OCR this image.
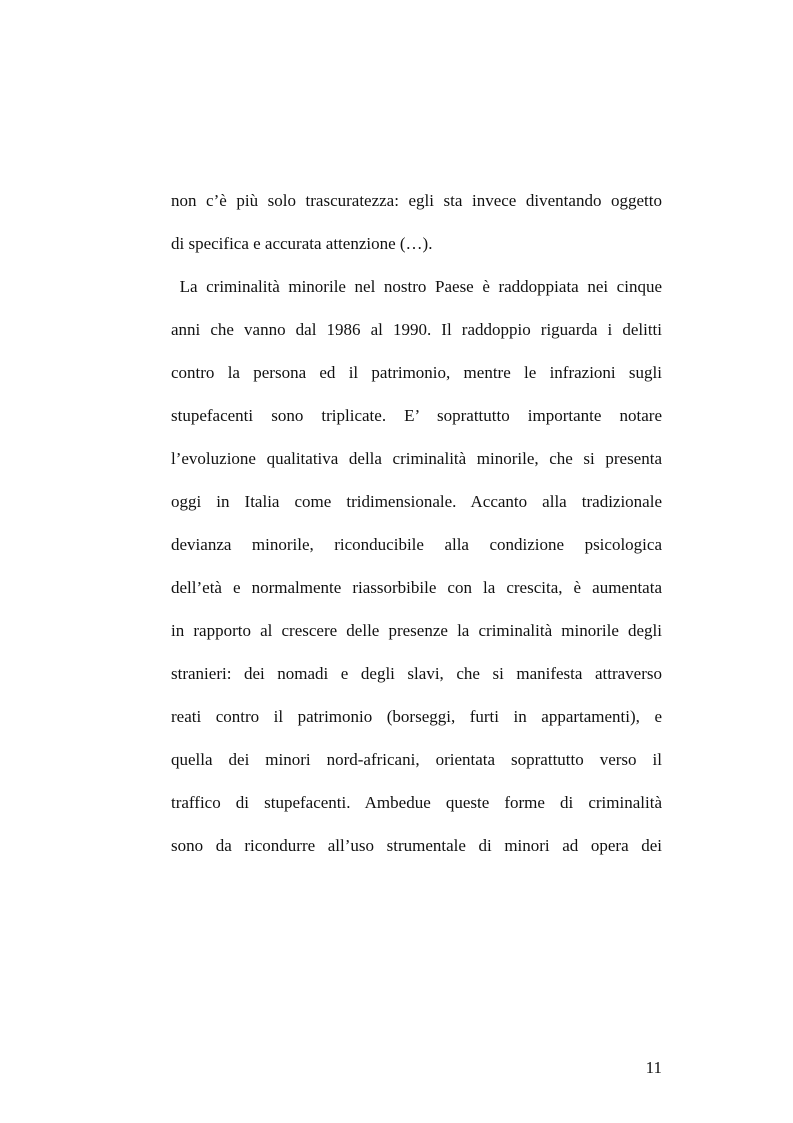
non c’è più solo trascuratezza: egli sta invece diventando oggetto
di specifica e accurata attenzione (…).
La criminalità minorile nel nostro Paese è raddoppiata nei cinque
anni che vanno dal 1986 al 1990. Il raddoppio riguarda i delitti
contro la persona ed il patrimonio, mentre le infrazioni sugli
stupefacenti sono triplicate. E’ soprattutto importante notare
l’evoluzione qualitativa della criminalità minorile, che si presenta
oggi in Italia come tridimensionale. Accanto alla tradizionale
devianza minorile, riconducibile alla condizione psicologica
dell’età e normalmente riassorbibile con la crescita, è aumentata
in rapporto al crescere delle presenze la criminalità minorile degli
stranieri: dei nomadi e degli slavi, che si manifesta attraverso
reati contro il patrimonio (borseggi, furti in appartamenti), e
quella dei minori nord-africani, orientata soprattutto verso il
traffico di stupefacenti. Ambedue queste forme di criminalità
sono da ricondurre all’uso strumentale di minori ad opera dei
11
